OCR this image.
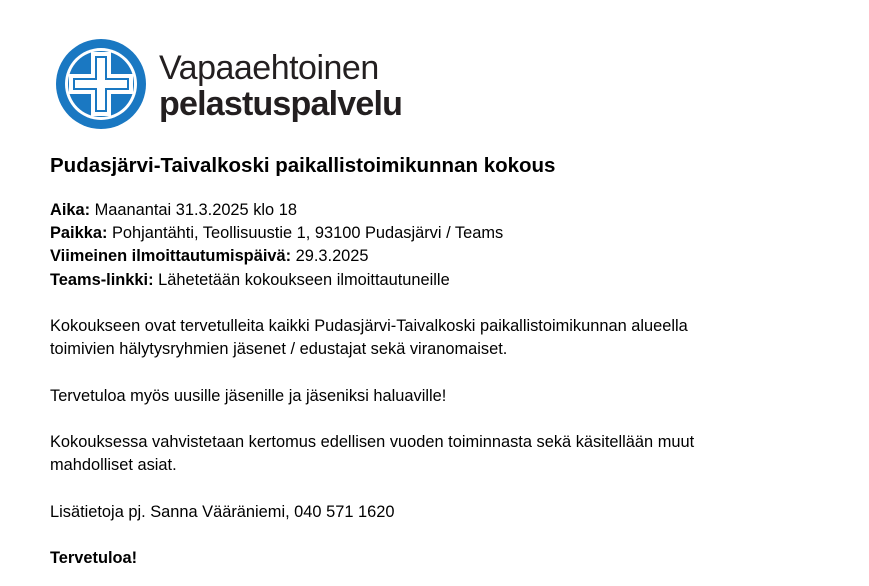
Vapaaehtoinen
pelastuspalvelu
Pudasjärvi-Taivalkoski paikallistoimikunnan kokous

Aika: Maanantai 31.3.2025 klo 18

Paikka: Pohjantähti, Teollisuustie 1, 93100 Pudasjärvi / Teams

Viimeinen ilmoittautumispäivä: 29.3.2025

Teams-linkki: Lähetetään kokoukseen ilmoittautuneille

Kokoukseen ovat tervetulleita kaikki Pudasjärvi-Taivalkoski paikallistoimikunnan alueella

toimivien hälytysryhmien jäsenet / edustajat sekä viranomaiset.

Tervetuloa myös uusille jäsenille ja jäseniksi haluaville!

Kokouksessa vahvistetaan kertomus edellisen vuoden toiminnasta sekä käsitellään muut

mahdolliset asiat.

Lisätietoja pj. Sanna Vääräniemi, 040 571 1620

Tervetuloa!
